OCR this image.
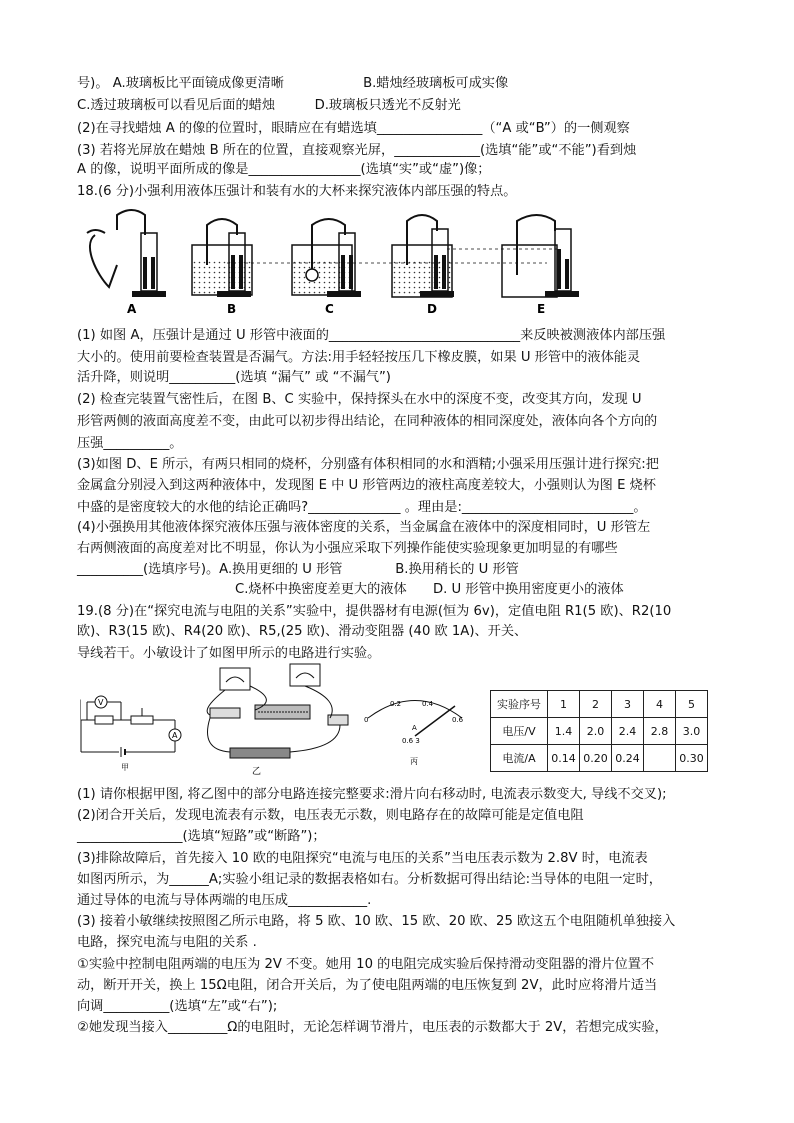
号)。 A.玻璃板比平面镜成像更清晰　　　　　　B.蜡烛经玻璃板可成实像
C.透过玻璃板可以看见后面的蜡烛　　　D.玻璃板只透光不反射光
(2)在寻找蜡烛 A 的像的位置时，眼睛应在有蜡选填________________（“A 或“B”）的一侧观察
(3) 若将光屏放在蜡烛 B 所在的位置，直接观察光屏，_____________(选填“能”或“不能”)看到烛
A 的像，说明平面所成的像是_________________(选填“实”或“虚”)像；
18.(6 分)小强利用液体压强计和装有水的大杯来探究液体内部压强的特点。
A	B	C	D	E
(1) 如图 A，压强计是通过 U 形管中液面的_____________________________来反映被测液体内部压强
大小的。使用前要检查装置是否漏气。方法:用手轻轻按压几下橡皮膜，如果 U 形管中的液体能灵
活升降，则说明__________(选填 “漏气” 或 “不漏气”)
(2) 检查完装置气密性后，在图 B、C 实验中，保持探头在水中的深度不变，改变其方向，发现 U
形管两侧的液面高度差不变，由此可以初步得出结论，在同种液体的相同深度处，液体向各个方向的
压强__________。
(3)如图 D、E 所示，有两只相同的烧杯，分别盛有体积相同的水和酒精;小强采用压强计进行探究:把
金属盒分别浸入到这两种液体中，发现图 E 中 U 形管两边的液柱高度差较大，小强则认为图 E 烧杯
中盛的是密度较大的水他的结论正确吗?______________ 。理由是:__________________________。
(4)小强换用其他液体探究液体压强与液体密度的关系，当金属盒在液体中的深度相同时，U 形管左
右两侧液面的高度差对比不明显，你认为小强应采取下列操作能使实验现象更加明显的有哪些
__________(选填序号)。A.换用更细的 U 形管　　　　B.换用稍长的 U 形管
C.烧杯中换密度差更大的液体　　D. U 形管中换用密度更小的液体
19.(8 分)在“探究电流与电阻的关系”实验中，提供器材有电源(恒为 6v)，定值电阻 R1(5 欧)、R2(10
欧)、R3(15 欧)、R4(20 欧)、R5,(25 欧)、滑动变阻器 (40 欧 1A)、开关、
导线若干。小敏设计了如图甲所示的电路进行实验。
V
A
甲	乙
0
0.2	0.4
0.6
A
0.6 3
丙
实验序号	1	2	3	4	5
电压/V	1.4	2.0	2.4	2.8	3.0
电流/A	0.14	0.20	0.24		0.30
(1) 请你根据甲图, 将乙图中的部分电路连接完整要求:滑片向右移动时, 电流表示数变大, 导线不交叉);
(2)闭合开关后，发现电流表有示数，电压表无示数，则电路存在的故障可能是定值电阻
________________(选填“短路”或“断路”)；
(3)排除故障后，首先接入 10 欧的电阻探究“电流与电压的关系”当电压表示数为 2.8V 时，电流表
如图丙所示，为______A;实验小组记录的数据表格如右。分析数据可得出结论:当导体的电阻一定时，
通过导体的电流与导体两端的电压成____________.
(3) 接着小敏继续按照图乙所示电路，将 5 欧、10 欧、15 欧、20 欧、25 欧这五个电阻随机单独接入
电路，探究电流与电阻的关系 .
①实验中控制电阻两端的电压为 2V 不变。她用 10 的电阻完成实验后保持滑动变阻器的滑片位置不
动，断开开关，换上 15Ω电阻，闭合开关后，为了使电阻两端的电压恢复到 2V，此时应将滑片适当
向调__________(选填“左”或“右”);
②她发现当接入_________Ω的电阻时，无论怎样调节滑片，电压表的示数都大于 2V，若想完成实验，
